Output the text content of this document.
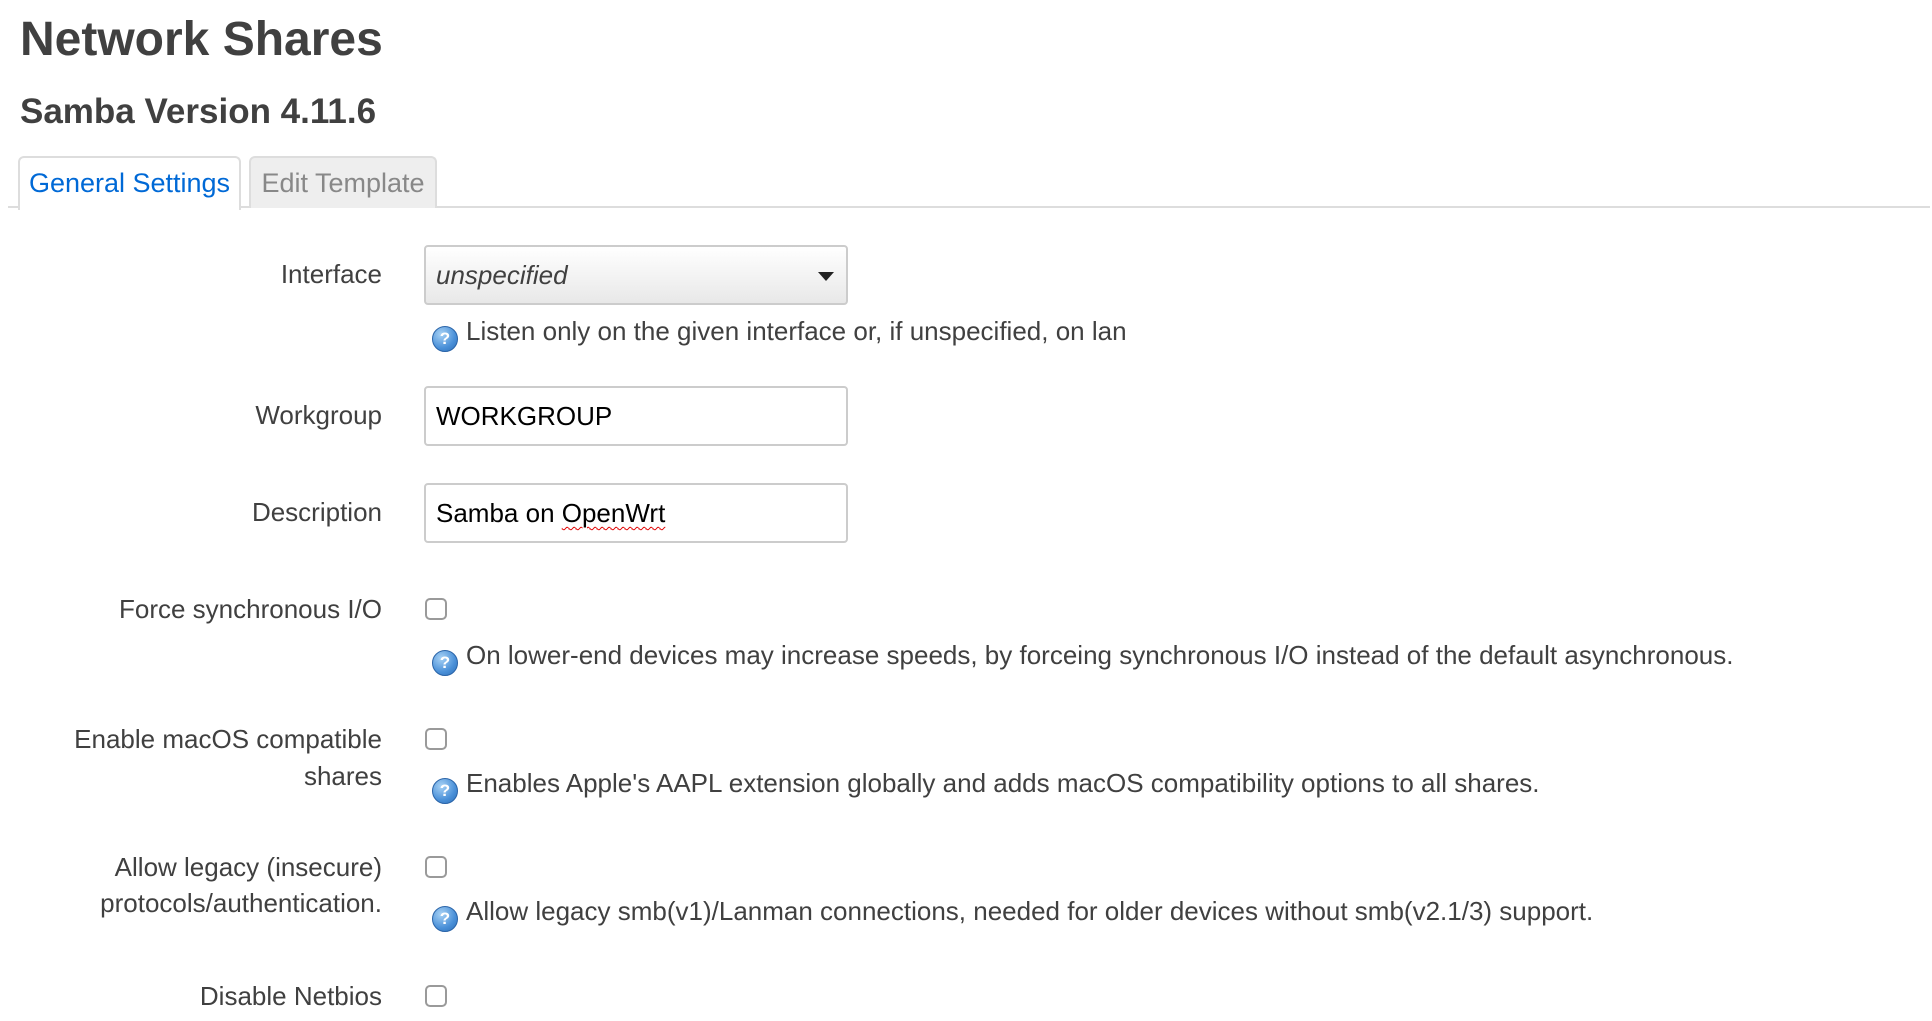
Network Shares
Samba Version 4.11.6
General Settings	Edit Template
Interface	unspecified
? Listen only on the given interface or, if unspecified, on lan
Workgroup	WORKGROUP
Description	Samba on OpenWrt
Force synchronous I/O
? On lower-end devices may increase speeds, by forceing synchronous I/O instead of the default asynchronous.
Enable macOS compatible
shares	? Enables Apple's AAPL extension globally and adds macOS compatibility options to all shares.
Allow legacy (insecure)
protocols/authentication.
? Allow legacy smb(v1)/Lanman connections, needed for older devices without smb(v2.1/3) support.
Disable Netbios
